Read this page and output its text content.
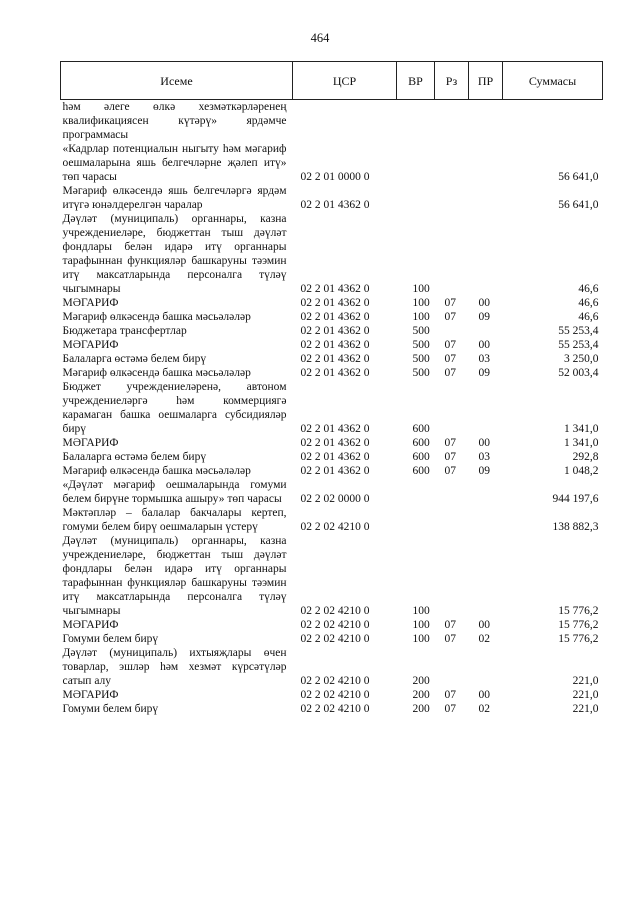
464
Исеме	ЦСР	ВР	Рз	ПР	Суммасы
һәм әлеге өлкә хезмәткәрләренең квалификациясен күтәрү» ярдәмче программасы					
«Кадрлар потенциалын ныгыту һәм мәгариф оешмаларына яшь белгечләрне җәлеп итү» төп чарасы	02 2 01 0000 0				56 641,0
Мәгариф өлкәсендә яшь белгечләргә ярдәм итүгә юнәлдерелгән чаралар	02 2 01 4362 0				56 641,0
Дәүләт (муниципаль) органнары, казна учреждениеләре, бюджеттан тыш дәүләт фондлары белән идарә итү органнары тарафыннан функцияләр башкаруны тәэмин итү максатларында персоналга түләү чыгымнары	02 2 01 4362 0	100			46,6
МӘГАРИФ	02 2 01 4362 0	100	07	00	46,6
Мәгариф өлкәсендә башка мәсьәләләр	02 2 01 4362 0	100	07	09	46,6
Бюджетара трансфертлар	02 2 01 4362 0	500			55 253,4
МӘГАРИФ	02 2 01 4362 0	500	07	00	55 253,4
Балаларга өстәмә белем бирү	02 2 01 4362 0	500	07	03	3 250,0
Мәгариф өлкәсендә башка мәсьәләләр	02 2 01 4362 0	500	07	09	52 003,4
Бюджет учреждениеләренә, автоном учреждениеләргә һәм коммерциягә карамаган башка оешмаларга субсидияләр бирү	02 2 01 4362 0	600			1 341,0
МӘГАРИФ	02 2 01 4362 0	600	07	00	1 341,0
Балаларга өстәмә белем бирү	02 2 01 4362 0	600	07	03	292,8
Мәгариф өлкәсендә башка мәсьәләләр	02 2 01 4362 0	600	07	09	1 048,2
«Дәүләт мәгариф оешмаларында гомуми белем бирүне тормышка ашыру» төп чарасы	02 2 02 0000 0				944 197,6
Мәктәпләр – балалар бакчалары кертеп, гомуми белем бирү оешмаларын үстерү	02 2 02 4210 0				138 882,3
Дәүләт (муниципаль) органнары, казна учреждениеләре, бюджеттан тыш дәүләт фондлары белән идарә итү органнары тарафыннан функцияләр башкаруны тәэмин итү максатларында персоналга түләү чыгымнары	02 2 02 4210 0	100			15 776,2
МӘГАРИФ	02 2 02 4210 0	100	07	00	15 776,2
Гомуми белем бирү	02 2 02 4210 0	100	07	02	15 776,2
Дәүләт (муниципаль) ихтыяҗлары өчен товарлар, эшләр һәм хезмәт күрсәтүләр сатып алу	02 2 02 4210 0	200			221,0
МӘГАРИФ	02 2 02 4210 0	200	07	00	221,0
Гомуми белем бирү	02 2 02 4210 0	200	07	02	221,0
